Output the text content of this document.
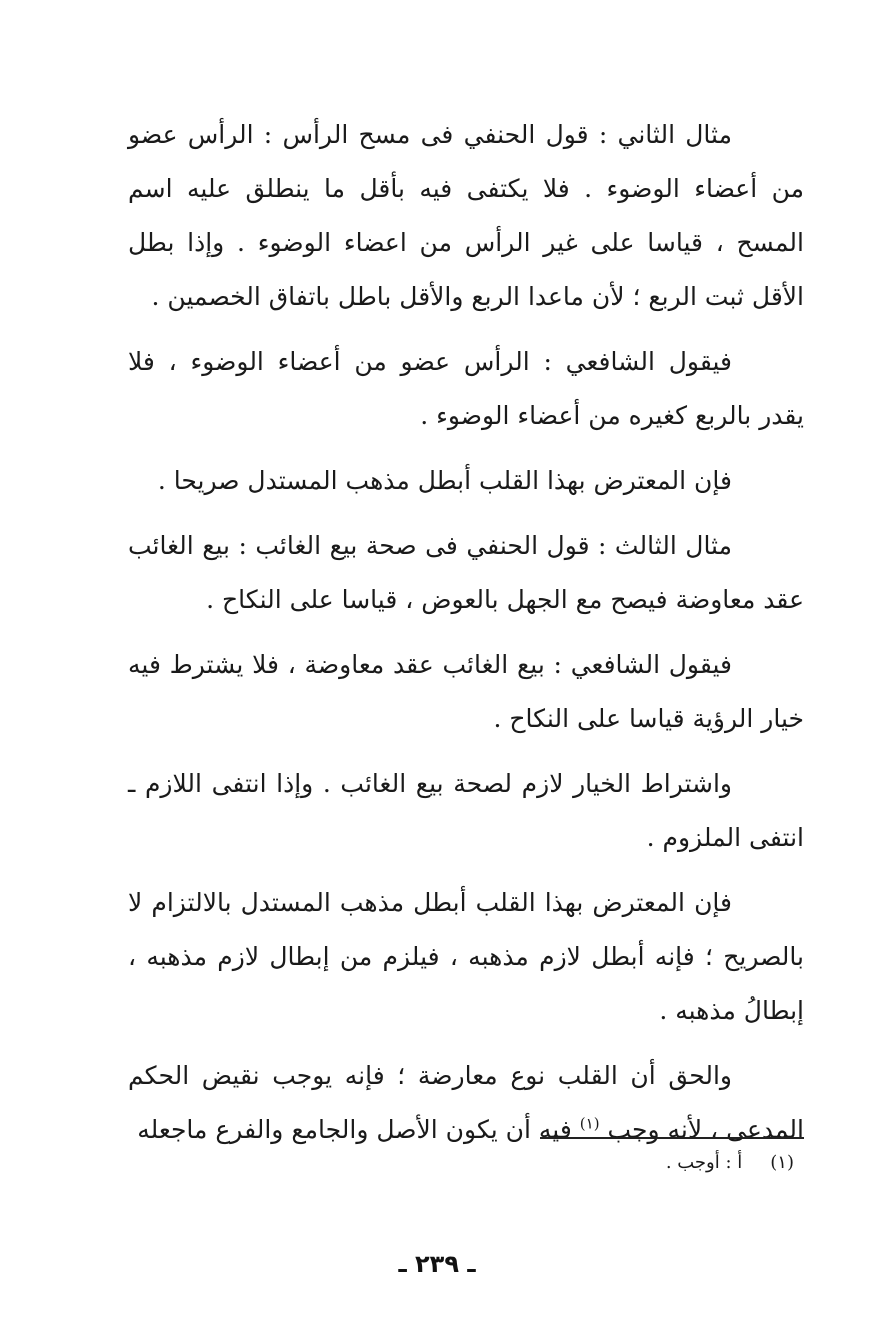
مثال الثاني : قول الحنفي فى مسح الرأس : الرأس عضو من أعضاء الوضوء . فلا يكتفى فيه بأقل ما ينطلق عليه اسم المسح ، قياسا على غير الرأس من اعضاء الوضوء . وإذا بطل الأقل ثبت الربع ؛ لأن ماعدا الربع والأقل باطل باتفاق الخصمين .

فيقول الشافعي : الرأس عضو من أعضاء الوضوء ، فلا يقدر بالربع كغيره من أعضاء الوضوء .

فإن المعترض بهذا القلب أبطل مذهب المستدل صريحا .

مثال الثالث : قول الحنفي فى صحة بيع الغائب : بيع الغائب عقد معاوضة فيصح مع الجهل بالعوض ، قياسا على النكاح .

فيقول الشافعي : بيع الغائب عقد معاوضة ، فلا يشترط فيه خيار الرؤية قياسا على النكاح .

واشتراط الخيار لازم لصحة بيع الغائب . وإذا انتفى اللازم ـ انتفى الملزوم .

فإن المعترض بهذا القلب أبطل مذهب المستدل بالالتزام لا بالصريح ؛ فإنه أبطل لازم مذهبه ، فيلزم من إبطال لازم مذهبه ، إبطالُ مذهبه .

والحق أن القلب نوع معارضة ؛ فإنه يوجب نقيض الحكم المدعى ، لأنه وجب $^{(١)}$ فيه أن يكون الأصل والجامع والفرع ماجعله

(١)أ : أوجب .
ـ ٢٣٩ ـ
